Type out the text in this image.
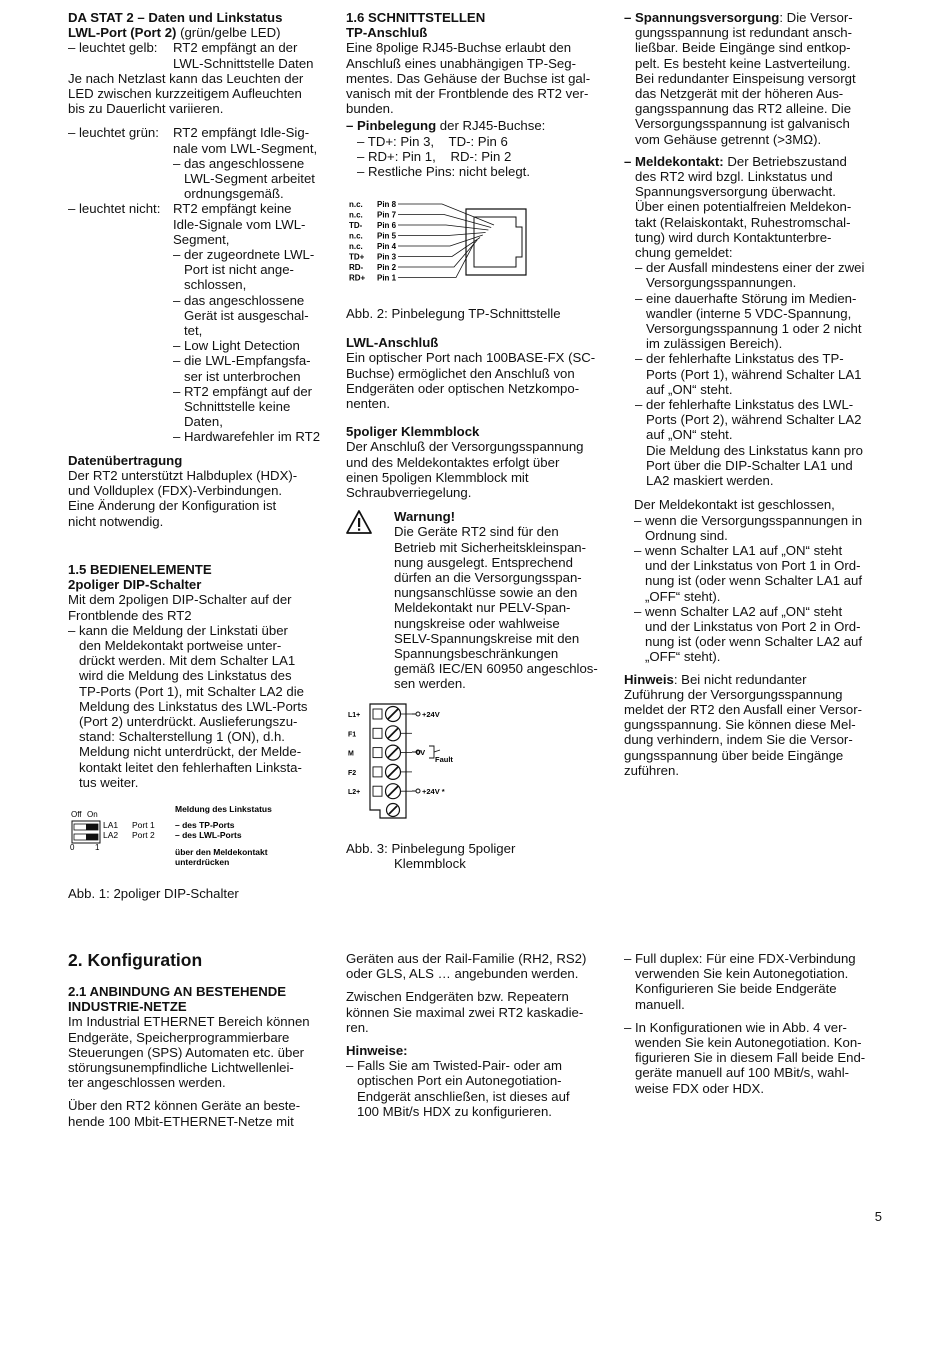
DA STAT 2 – Daten und Linkstatus

LWL-Port (Port 2) (grün/gelbe LED)

– leuchtet gelb:	RT2 empfängt an der
LWL-Schnittstelle Daten

Je nach Netzlast kann das Leuchten der
LED zwischen kurzzeitigem Aufleuchten
bis zu Dauerlicht variieren.

– leuchtet grün:	RT2 empfängt Idle-Sig-
nale vom LWL-Segment,
– das angeschlossene
LWL-Segment arbeitet
ordnungsgemäß.
– leuchtet nicht: RT2 empfängt keine
Idle-Signale vom LWL-
Segment,
– der zugeordnete LWL-
Port ist nicht ange-
schlossen,
– das angeschlossene
Gerät ist ausgeschal-
tet,
– Low Light Detection
– die LWL-Empfangsfa-
ser ist unterbrochen
– RT2 empfängt auf der
Schnittstelle keine
Daten,
– Hardwarefehler im RT2

Datenübertragung

Der RT2 unterstützt Halbduplex (HDX)-
und Vollduplex (FDX)-Verbindungen.
Eine Änderung der Konfiguration ist
nicht notwendig.

1.5 BEDIENELEMENTE

2poliger DIP-Schalter

Mit dem 2poligen DIP-Schalter auf der
Frontblende des RT2

– kann die Meldung der Linkstati über
den Meldekontakt portweise unter-
drückt werden. Mit dem Schalter LA1
wird die Meldung des Linkstatus des
TP-Ports (Port 1), mit Schalter LA2 die
Meldung des Linkstatus des LWL-Ports
(Port 2) unterdrückt. Auslieferungszu-
stand: Schalterstellung 1 (ON), d.h.
Meldung nicht unterdrückt, der Melde-
kontakt leitet den fehlerhaften Linksta-
tus weiter.

Off On
0	1
LA1
LA2
Port 1
Port 2
Meldung des Linkstatus
– des TP-Ports
– des LWL-Ports
über den Meldekontakt
unterdrücken

Abb. 1: 2poliger DIP-Schalter

1.6 SCHNITTSTELLEN

TP-Anschluß

Eine 8polige RJ45-Buchse erlaubt den
Anschluß eines unabhängigen TP-Seg-
mentes. Das Gehäuse der Buchse ist gal-
vanisch mit der Frontblende des RT2 ver-
bunden.

– Pinbelegung der RJ45-Buchse:

– TD+: Pin 3,    TD-: Pin 6
– RD+: Pin 1,    RD-: Pin 2
– Restliche Pins: nicht belegt.

n.c.
n.c.
TD-
n.c.
n.c.
TD+
RD-
RD+
Pin 8
Pin 7
Pin 6
Pin 5
Pin 4
Pin 3
Pin 2
Pin 1

Abb. 2: Pinbelegung TP-Schnittstelle

LWL-Anschluß

Ein optischer Port nach 100BASE-FX (SC-
Buchse) ermöglichet den Anschluß von
Endgeräten oder optischen Netzkompo-
nenten.

5poliger Klemmblock

Der Anschluß der Versorgungsspannung
und des Meldekontaktes erfolgt über
einen 5poligen Klemmblock mit
Schraubverriegelung.

Warnung!

Die Geräte RT2 sind für den
Betrieb mit Sicherheitskleinspan-
nung ausgelegt. Entsprechend
dürfen an die Versorgungsspan-
nungsanschlüsse sowie an den
Meldekontakt nur PELV-Span-
nungskreise oder wahlweise
SELV-Spannungskreise mit den
Spannungsbeschränkungen
gemäß IEC/EN 60950 angeschlos-
sen werden.

L1+
F1
M
F2
L2+
+24V
0V
Fault
+24V *

Abb. 3: Pinbelegung 5poliger
Klemmblock

– Spannungsversorgung: Die Versor-
gungsspannung ist redundant ansch-
ließbar. Beide Eingänge sind entkop-
pelt. Es besteht keine Lastverteilung.
Bei redundanter Einspeisung versorgt
das Netzgerät mit der höheren Aus-
gangsspannung das RT2 alleine. Die
Versorgungsspannung ist galvanisch
vom Gehäuse getrennt (>3MΩ).

– Meldekontakt: Der Betriebszustand
des RT2 wird bzgl. Linkstatus und
Spannungsversorgung überwacht.
Über einen potentialfreien Meldekon-
takt (Relaiskontakt, Ruhestromschal-
tung) wird durch Kontaktunterbre-
chung gemeldet:
– der Ausfall mindestens einer der zwei
Versorgungsspannungen.
– eine dauerhafte Störung im Medien-
wandler (interne 5 VDC-Spannung,
Versorgungsspannung 1 oder 2 nicht
im zulässigen Bereich).
– der fehlerhafte Linkstatus des TP-
Ports (Port 1), während Schalter LA1
auf „ON“ steht.
– der fehlerhafte Linkstatus des LWL-
Ports (Port 2), während Schalter LA2
auf „ON“ steht.
Die Meldung des Linkstatus kann pro
Port über die DIP-Schalter LA1 und
LA2 maskiert werden.

Der Meldekontakt ist geschlossen,
– wenn die Versorgungsspannungen in
Ordnung sind.
– wenn Schalter LA1 auf „ON“ steht
und der Linkstatus von Port 1 in Ord-
nung ist (oder wenn Schalter LA1 auf
„OFF“ steht).
– wenn Schalter LA2 auf „ON“ steht
und der Linkstatus von Port 2 in Ord-
nung ist (oder wenn Schalter LA2 auf
„OFF“ steht).

Hinweis: Bei nicht redundanter
Zuführung der Versorgungsspannung
meldet der RT2 den Ausfall einer Versor-
gungsspannung. Sie können diese Mel-
dung verhindern, indem Sie die Versor-
gungsspannung über beide Eingänge
zuführen.

2. Konfiguration

2.1 ANBINDUNG AN BESTEHENDE
INDUSTRIE-NETZE

Im Industrial ETHERNET Bereich können
Endgeräte, Speicherprogrammierbare
Steuerungen (SPS) Automaten etc. über
störungsunempfindliche Lichtwellenlei-
ter angeschlossen werden.

Über den RT2 können Geräte an beste-
hende 100 Mbit-ETHERNET-Netze mit

Geräten aus der Rail-Familie (RH2, RS2)
oder GLS, ALS … angebunden werden.

Zwischen Endgeräten bzw. Repeatern
können Sie maximal zwei RT2 kaskadie-
ren.

Hinweise:

– Falls Sie am Twisted-Pair- oder am
optischen Port ein Autonegotiation-
Endgerät anschließen, ist dieses auf
100 MBit/s HDX zu konfigurieren.

– Full duplex: Für eine FDX-Verbindung
verwenden Sie kein Autonegotiation.
Konfigurieren Sie beide Endgeräte
manuell.

– In Konfigurationen wie in Abb. 4 ver-
wenden Sie kein Autonegotiation. Kon-
figurieren Sie in diesem Fall beide End-
geräte manuell auf 100 MBit/s, wahl-
weise FDX oder HDX.

5
